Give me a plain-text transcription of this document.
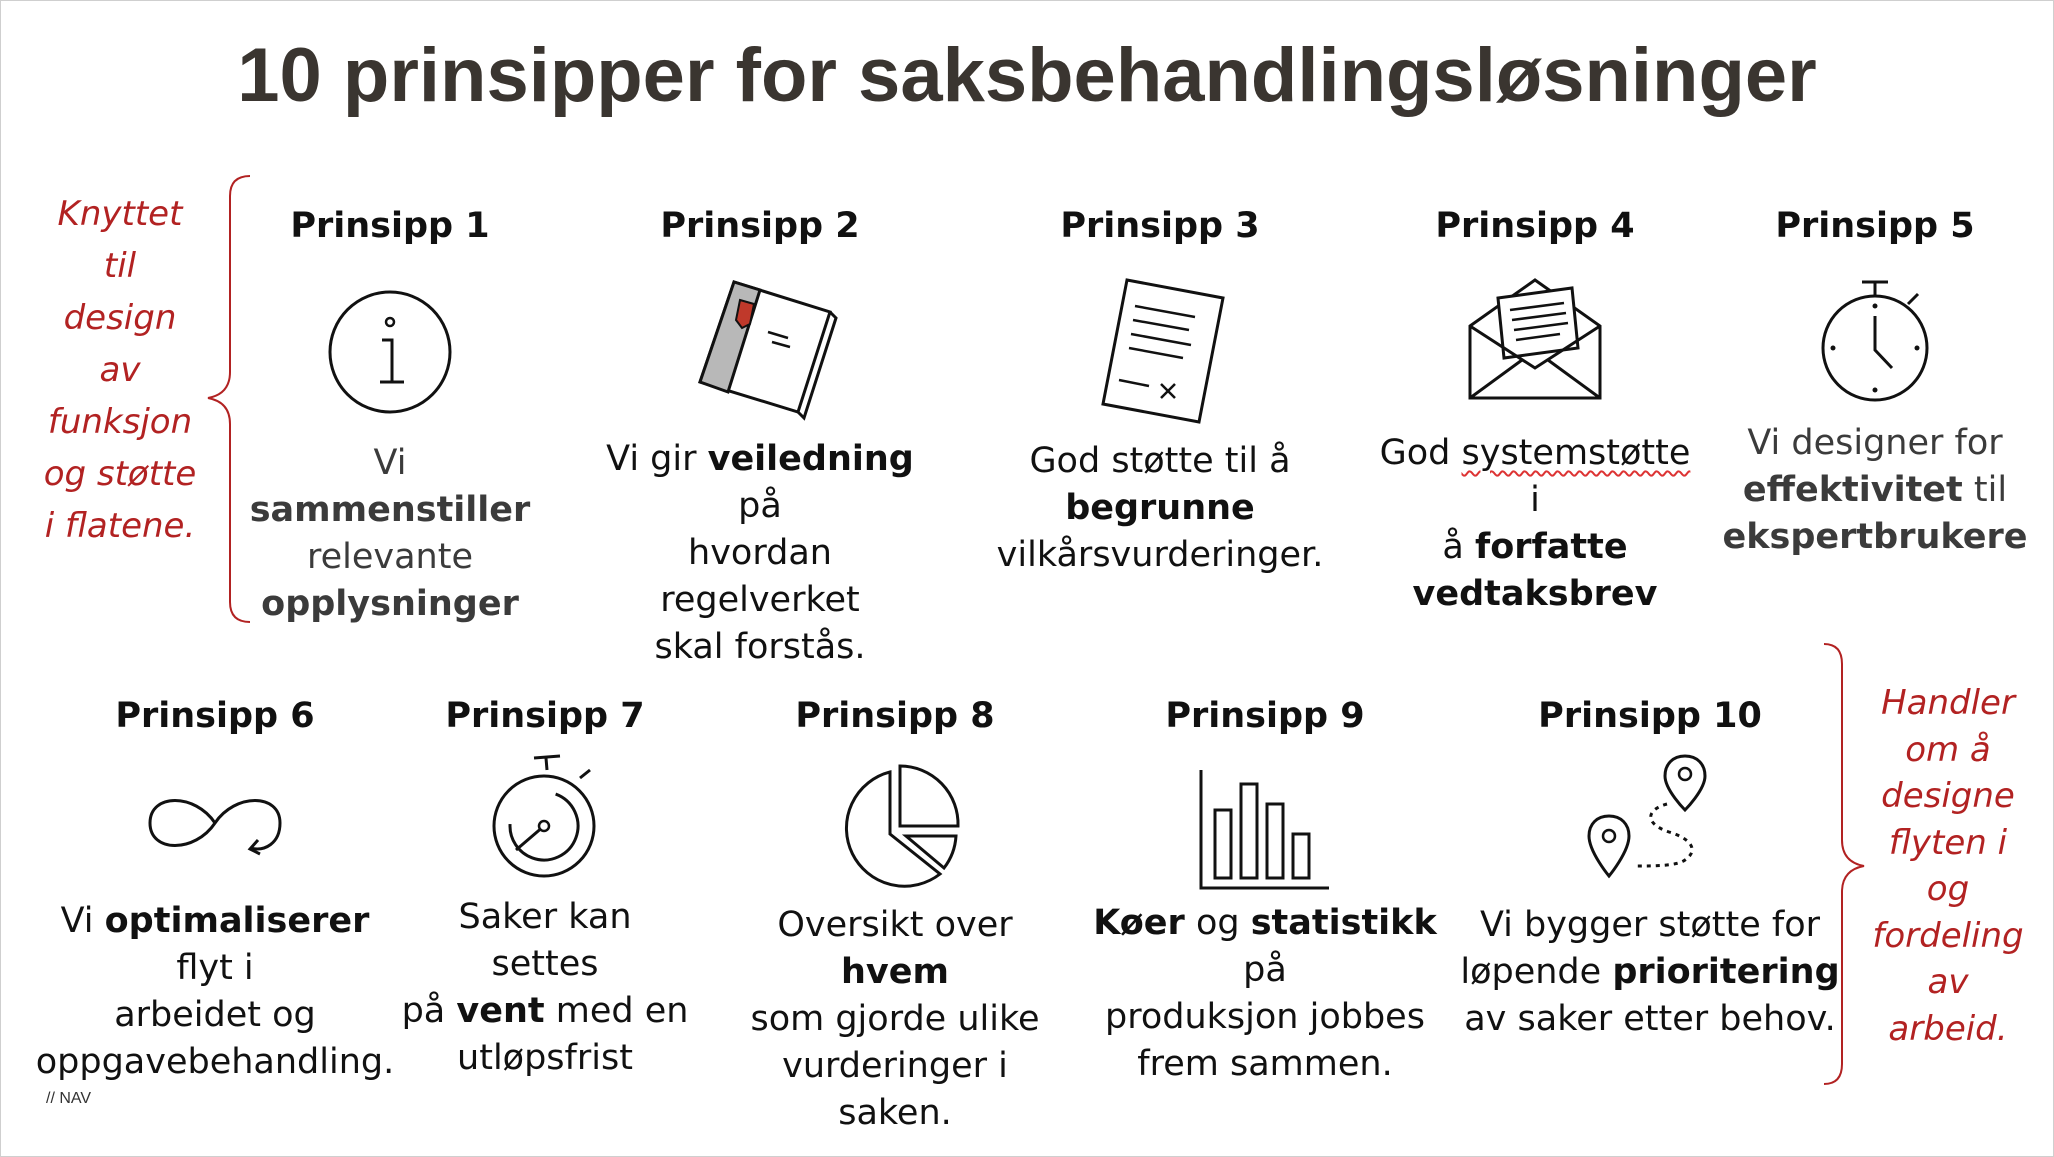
10 prinsipper for saksbehandlingsløsninger
Knyttet
til
design
av
funksjon
og støtte
i flatene.
Handler
om å
designe
flyten i
og
fordeling
av
arbeid.
Prinsipp 1
Vi sammenstiller
relevante
opplysninger
Prinsipp 2
Vi gir veiledning på
hvordan regelverket
skal forstås.
Prinsipp 3
God støtte til å
begrunne
vilkårsvurderinger.
Prinsipp 4
God systemstøtte i
å forfatte
vedtaksbrev
Prinsipp 5
Vi designer for
effektivitet til
ekspertbrukere
Prinsipp 6
Vi optimaliserer flyt i
arbeidet og
oppgavebehandling.
Prinsipp 7
Saker kan settes
på vent med en
utløpsfrist
Prinsipp 8
Oversikt over hvem
som gjorde ulike
vurderinger i saken.
Prinsipp 9
Køer og statistikk på
produksjon jobbes
frem sammen.
Prinsipp 10
Vi bygger støtte for
løpende prioritering
av saker etter behov.
// NAV
